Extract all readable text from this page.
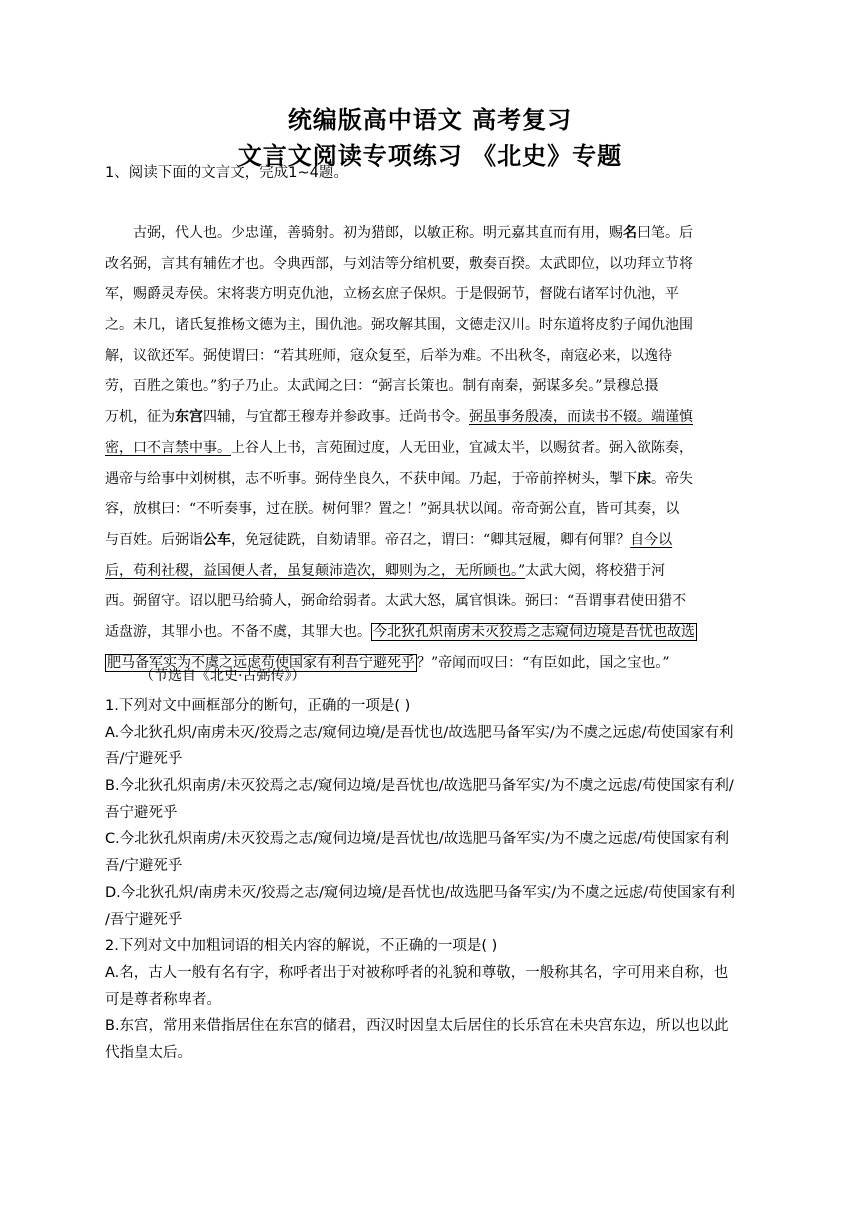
统编版高中语文 高考复习
文言文阅读专项练习 《北史》专题
1、阅读下面的文言文，完成1~4题。
古弼，代人也。少忠谨，善骑射。初为猎郎，以敏正称。明元嘉其直而有用，赐名曰笔。后
改名弼，言其有辅佐才也。令典西部，与刘洁等分绾机要，敷奏百揆。太武即位，以功拜立节将
军，赐爵灵寿侯。宋将裴方明克仇池，立杨玄庶子保炽。于是假弼节，督陇右诸军讨仇池，平
之。未几，诸氏复推杨文德为主，围仇池。弼攻解其围，文德走汉川。时东道将皮豹子闻仇池围
解，议欲还军。弼使谓曰：“若其班师，寇众复至，后举为难。不出秋冬，南寇必来，以逸待
劳，百胜之策也。”豹子乃止。太武闻之曰：“弼言长策也。制有南秦，弼谋多矣。”景穆总摄
万机，征为东宫四辅，与宜都王穆寿并参政事。迁尚书令。弼虽事务殷凑，而读书不辍。端谨慎
密，口不言禁中事。上谷人上书，言苑囿过度，人无田业，宜减太半，以赐贫者。弼入欲陈奏，
遇帝与给事中刘树棋，志不听事。弼侍坐良久，不获申闻。乃起，于帝前捽树头，掣下床。帝失
容，放棋曰：“不听奏事，过在朕。树何罪？置之！”弼具状以闻。帝奇弼公直，皆可其奏，以
与百姓。后弼诣公车，免冠徒跣，自劾请罪。帝召之，谓曰：“卿其冠履，卿有何罪？自今以
后，苟利社稷，益国便人者，虽复颠沛造次，卿则为之，无所顾也。”太武大阅，将校猎于河
西。弼留守。诏以肥马给骑人，弼命给弱者。太武大怒，属官惧诛。弼曰：“吾谓事君使田猎不
适盘游，其罪小也。不备不虞，其罪大也。 今北狄孔炽南虏未灭狡焉之志窥伺边境是吾忧也故选
肥马备军实为不虞之远虑苟使国家有利吾宁避死乎 ？”帝闻而叹曰：“有臣如此，国之宝也。”
（节选自《北史·古弼传》）
1.下列对文中画框部分的断句，正确的一项是( )
A.今北狄孔炽/南虏未灭/狡焉之志/窥伺边境/是吾忧也/故选肥马备军实/为不虞之远虑/苟使国家有利
吾/宁避死乎
B.今北狄孔炽南虏/未灭狡焉之志/窥伺边境/是吾忧也/故选肥马备军实/为不虞之远虑/苟使国家有利/
吾宁避死乎
C.今北狄孔炽南虏/未灭狡焉之志/窥伺边境/是吾忧也/故选肥马备军实/为不虞之远虑/苟使国家有利
吾/宁避死乎
D.今北狄孔炽/南虏未灭/狡焉之志/窥伺边境/是吾忧也/故选肥马备军实/为不虞之远虑/苟使国家有利
/吾宁避死乎
2.下列对文中加粗词语的相关内容的解说，不正确的一项是( )
A.名，古人一般有名有字，称呼者出于对被称呼者的礼貌和尊敬，一般称其名，字可用来自称，也
可是尊者称卑者。
B.东宫，常用来借指居住在东宫的储君，西汉时因皇太后居住的长乐宫在未央宫东边，所以也以此
代指皇太后。
